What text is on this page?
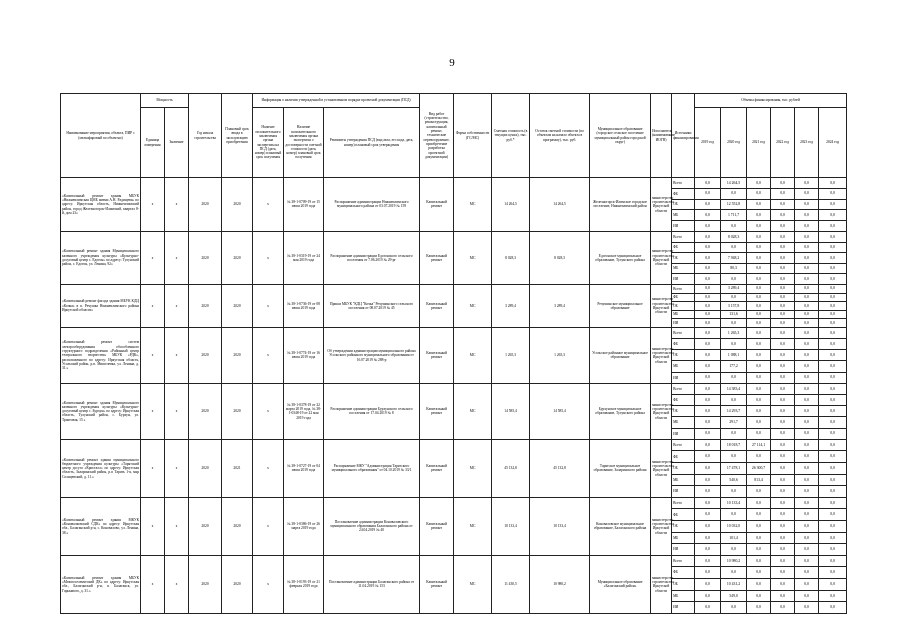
9
Наименование мероприятия, объекта, ПИР с (мелкофаровый по объектно)	Мощность		Год начала строительства	Плановый срок ввода в эксплуатацию приобретения	Информация о наличии утвержденной в установленном порядке проектной документации (ПСД)			Вид работ (строительство, реконструкция, капитальный ремонт, технические перевооружение, приобретение разработка проектной документации)	Форма собственности (ГС/МС)	Сметная стоимость (в текущих ценах), тыс. руб.*	Остаток сметной стоимости (по объектам на начало объекта в программу), тыс. руб.	Муниципальное образование (городское сельское поселение муниципальный район городской округ)	Исполнитель (наименование ИОГВ)	Источники финансирования	Объемы финансирования, тыс. рублей					
	Единица измерения	Значение			Наличие положительного заключения органа экспертизы на ПСД (дата, номер) плановый срок получения	Наличие положительного заключения органа экспертизы о достоверности сметной стоимости (дата, номер) плановый срок получения	Реквизиты утверждения ПСД (вид акта, его кода, дата, номер) плановый срок утверждения								2019 год	2020 год	2021 год	2022 год	2023 год	2024 год

«Капитальный ремонт здания МБУК «Нижнеилимская ЦМБ имени А.Н. Радищева» по адресу: Иркутская область, Нижнеилимский район, город Железногорск-Илимский, квартал 8-й, дом 23»	х	х	2020	2020	х	№ 38-1-0709-19 от 15 июля 2019 года	Распоряжение администрации Нижнеилимского муниципального района от 03.07.2019 № 159	Капитальный ремонт	МС	14 264,5	14 264,5	Железногорск-Илимское городское поселение, Нижнеилимский район	министерство строительства Иркутской области	Всего	0,0	14 264,5	0,0	0,0	0,0	0,0
														ФБ	0,0	0,0	0,0	0,0	0,0	0,0
														ОБ	0,0	12 552,8	0,0	0,0	0,0	0,0
														МБ	0,0	1 711,7	0,0	0,0	0,0	0,0
														ИИ	0,0	0,0	0,0	0,0	0,0	0,0
«Капитальный ремонт здания Муниципального казенного учреждения культуры «Культурно-досуговый центр с. Едогон» по адресу: Тулунский район, с. Едогон, ул. Ленина, 92»	х	х	2020	2020	х	№ 38-1-0319-19 от 24 мая 2019 года	Распоряжение администрации Едогонского сельского поселения от 7.06.2019 № 29-рг	Капитальный ремонт	МС	8 028,3	8 028,3	Едогонское муниципальное образование, Тулунского района	министерство строительства Иркутской области	Всего	0,0	8 028,3	0,0	0,0	0,0	0,0
														ФБ	0,0	0,0	0,0	0,0	0,0	0,0
														ОБ	0,0	7 948,2	0,0	0,0	0,0	0,0
														МБ	0,0	80,3	0,0	0,0	0,0	0,0
														ИИ	0,0	0,0	0,0	0,0	0,0	0,0
«Капитальный ремонт фасада здания МБУК КДЦ «Кочка» в п. Речушка Нижнеилимского района Иркутской области»	х	х	2020	2020	х	№ 38-1-0736-19 от 08 июля 2019 года	Приказ МБУК "КДЦ "Кочка" Речушинского сельского поселения от 08.07.2019 № 45	Капитальный ремонт	МС	3 289,4	3 289,4	Речушинское муниципальное образование	министерство строительства Иркутской области	Всего	0,0	3 289,4	0,0	0,0	0,0	0,0
														ФБ	0,0	0,0	0,0	0,0	0,0	0,0
														ОБ	0,0	3 157,8	0,0	0,0	0,0	0,0
														МБ	0,0	131,6	0,0	0,0	0,0	0,0
														ИИ	0,0	0,0	0,0	0,0	0,0	0,0
«Капитальный ремонт систем электрооборудования обособленного структурного подразделения «Районный центр театрального творчества» МБУК «РДК», расположенного по адресу: Иркутская область, Усольский район, р.п. Мишелевка, ул. Ленина, д. 31.»	х	х	2020	2020	х	№ 38-1-0774-19 от 16 июля 2019 года	Об утверждении администрации муниципального района Усольского районного муниципального образования от 16.07.2019 № 288-р	Капитальный ремонт	МС	1 265,3	1 265,3	Усольское районное муниципальное образование	министерство строительства Иркутской области	Всего	0,0	1 265,3	0,0	0,0	0,0	0,0
														ФБ	0,0	0,0	0,0	0,0	0,0	0,0
														ОБ	0,0	1 088,1	0,0	0,0	0,0	0,0
														МБ	0,0	177,2	0,0	0,0	0,0	0,0
														ИИ	0,0	0,0	0,0	0,0	0,0	0,0
«Капитальный ремонт здания Муниципального казенного учреждения культуры «Культурно-досуговый центр с. Бурхун» по адресу: Иркутская область, Тулунский район, с. Бурхун, ул. Трактовая, 15 »	х	х	2020	2020	х	№ 38-1-0378-19 от 22 марта 2019 года, № 38-1-0348-19 от 22 мая 2019 года	Распоряжение администрации Бурхунского сельского поселения от 17.04.2019 № 8	Капитальный ремонт	МС	14 585,4	14 585,4	Бурхунское муниципальное образование, Тулунского района	министерство строительства Иркутской области	Всего	0,0	14 383,4	0,0	0,0	0,0	0,0
														ФБ	0,0	0,0	0,0	0,0	0,0	0,0
														ОБ	0,0	14 293,7	0,0	0,0	0,0	0,0
														МБ	0,0	291,7	0,0	0,0	0,0	0,0
														ИИ	0,0	0,0	0,0	0,0	0,0	0,0
«Капитальный ремонт здания муниципального бюджетного учреждения культуры «Тарятский центр досуга «Кристалл» по адресу: Иркутская область, Заларинский район, р.п Тарять 1-я, мкр Солнцевский, д. 11.»	х	х	2020	2021	х	№ 38-1-0727-19 от 04 июля 2019 года	Распоряжение МКУ "Администрация Тарятского муниципального образования" от 04.10.2019 № 33/1	Капитальный ремонт	МС	45 132,8	45 132,8	Тарятское муниципальное образование, Заларинского района	министерство строительства Иркутской области	Всего	0,0	18 018,7	27 114,1	0,0	0,0	0,0
														ФБ	0,0	0,0	0,0	0,0	0,0	0,0
														ОБ	0,0	17 478,1	26 300,7	0,0	0,0	0,0
														МБ	0,0	540,6	813,4	0,0	0,0	0,0
														ИИ	0,0	0,0	0,0	0,0	0,0	0,0
«Капитальный ремонт здания МКУК «Коновалковский СДК» по адресу: Иркутская обл., Балаганский р-н, с. Коновалово, ул. Ленина, 38.»	х	х	2020	2020	х	№ 38-1-0386-19 от 26 марта 2019 года	Постановление администрации Коноваловского муниципального образования Балаганского района от 24.04.2019 № 40	Капитальный ремонт	МС	10 133,4	10 133,4	Коноваловское муниципальное образование, Балаганского района	министерство строительства Иркутской области	Всего	0,0	10 133,4	0,0	0,0	0,0	0,0
														ФБ	0,0	0,0	0,0	0,0	0,0	0,0
														ОБ	0,0	10 032,0	0,0	0,0	0,0	0,0
														МБ	0,0	101,4	0,0	0,0	0,0	0,0
														ИИ	0,0	0,0	0,0	0,0	0,0	0,0
«Капитальный ремонт здания МБУК «Межпоселенческий ДК» по адресу: Иркутская обл., Балаганский р-н, п. Балаганск, ул. Гарькавого, д. 31.»	х	х	2020	2020	х	№ 38-1-0193-19 от 21 февраля 2019 года	Постановление администрации Балаганского района от 11.04.2019 № 153	Капитальный ремонт	МС	11 430,5	10 980,2	Муниципальное образование «Балаганский район»	министерство строительства Иркутской области	Всего	0,0	10 980,2	0,0	0,0	0,0	0,0
														ФБ	0,0	0,0	0,0	0,0	0,0	0,0
														ОБ	0,0	10 431,2	0,0	0,0	0,0	0,0
														МБ	0,0	549,0	0,0	0,0	0,0	0,0
														ИИ	0,0	0,0	0,0	0,0	0,0	0,0
